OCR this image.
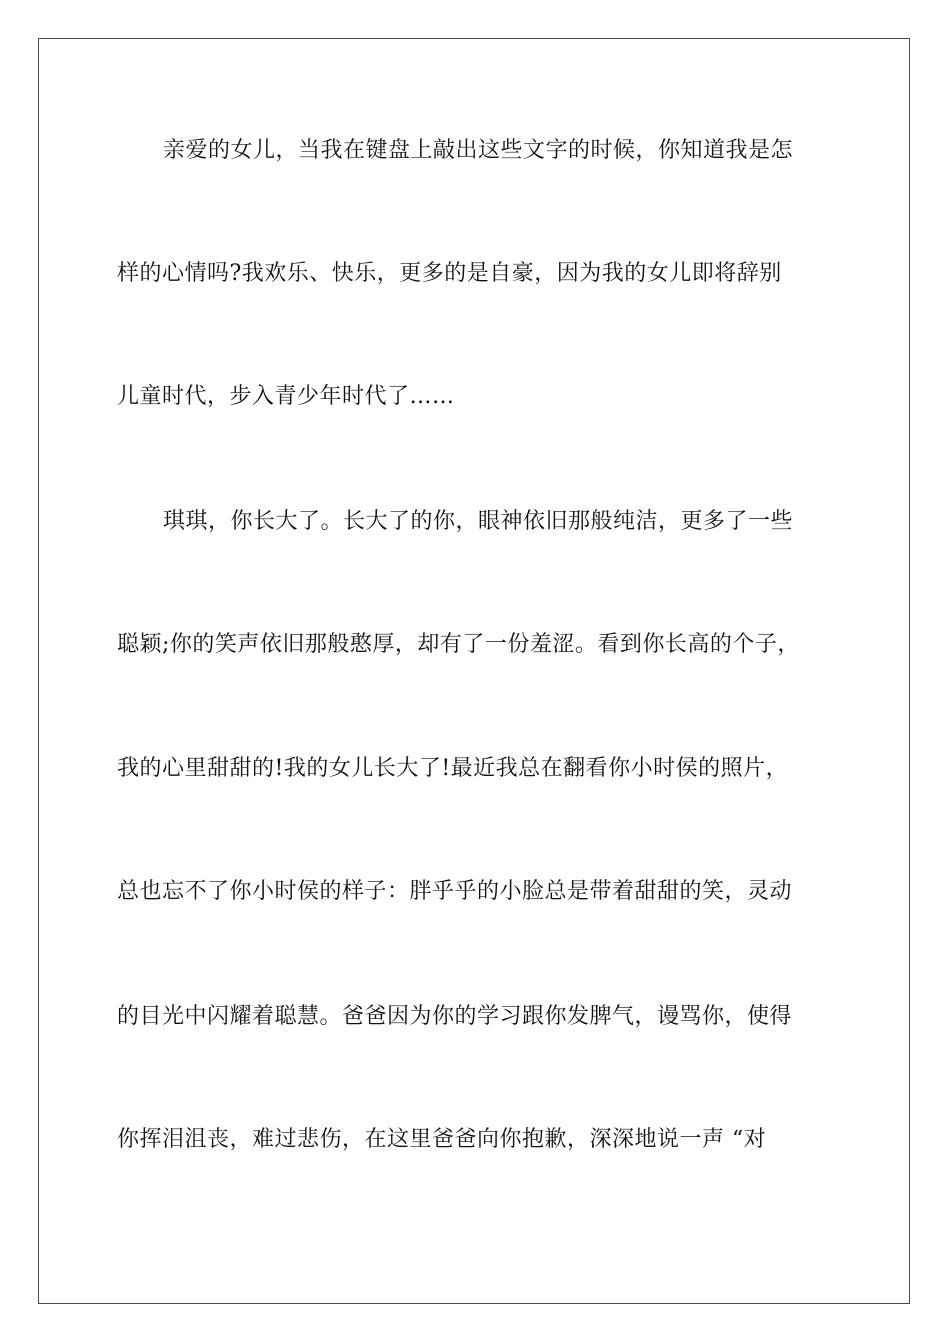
亲爱的女儿，当我在键盘上敲出这些文字的时候，你知道我是怎
样的心情吗?我欢乐、快乐，更多的是自豪，因为我的女儿即将辞别
儿童时代，步入青少年时代了……
琪琪，你长大了。长大了的你，眼神依旧那般纯洁，更多了一些
聪颖;你的笑声依旧那般憨厚，却有了一份羞涩。看到你长高的个子，
我的心里甜甜的!我的女儿长大了!最近我总在翻看你小时侯的照片，
总也忘不了你小时侯的样子：胖乎乎的小脸总是带着甜甜的笑，灵动
的目光中闪耀着聪慧。爸爸因为你的学习跟你发脾气，谩骂你，使得
你挥泪沮丧，难过悲伤，在这里爸爸向你抱歉，深深地说一声 “对
